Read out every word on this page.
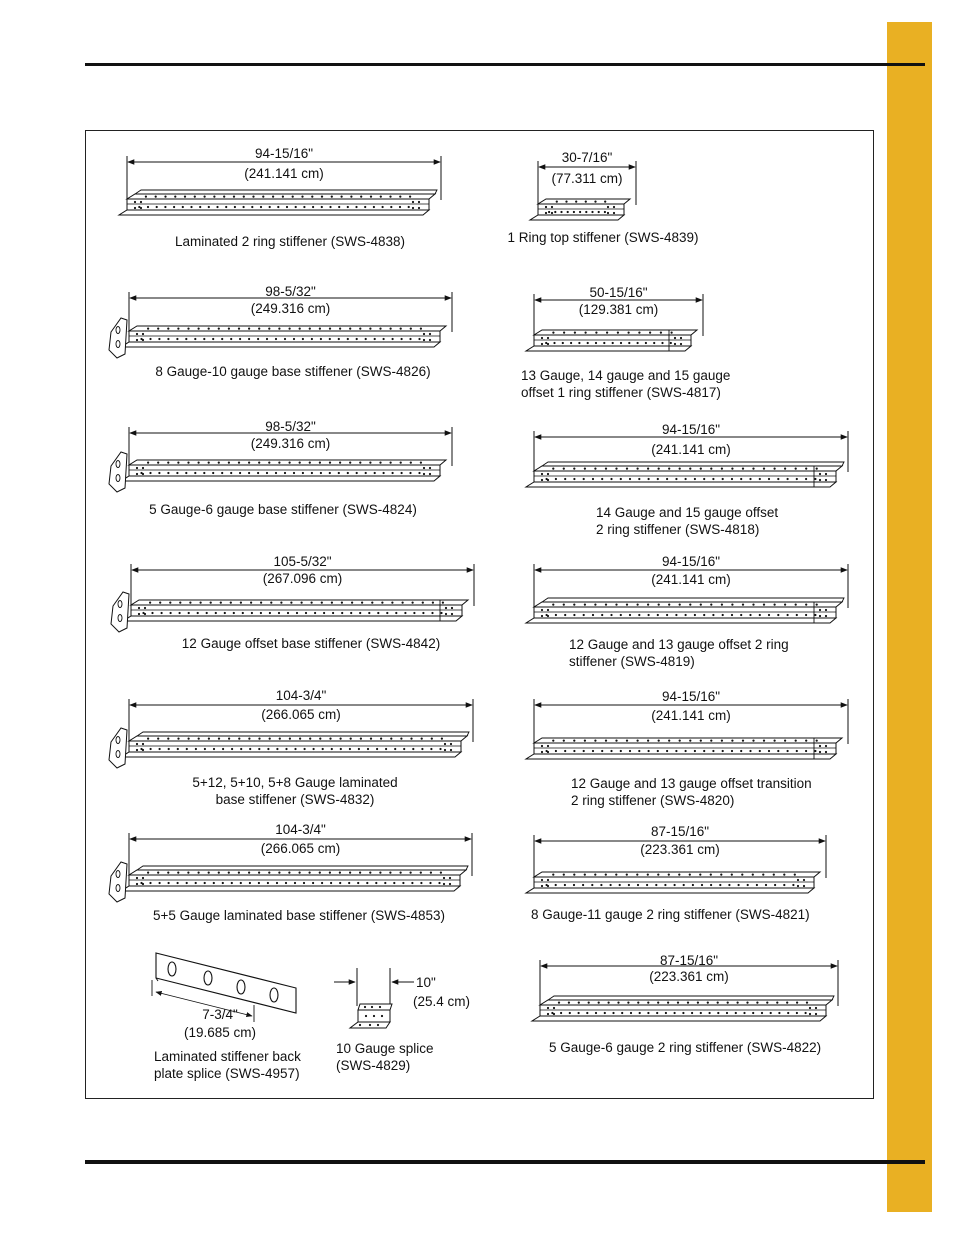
94-15/16"
(241.141 cm)
Laminated 2 ring stiffener (SWS-4838)
30-7/16"
(77.311 cm)
1 Ring top stiffener (SWS-4839)
98-5/32"
(249.316 cm)
8 Gauge-10 gauge base stiffener (SWS-4826)
50-15/16"
(129.381 cm)
13 Gauge, 14 gauge and 15 gauge
offset 1 ring stiffener (SWS-4817)
98-5/32"
(249.316 cm)
5 Gauge-6 gauge base stiffener (SWS-4824)
94-15/16"
(241.141 cm)
14 Gauge and 15 gauge offset
2 ring stiffener (SWS-4818)
105-5/32"
(267.096 cm)
12 Gauge offset base stiffener (SWS-4842)
94-15/16"
(241.141 cm)
12 Gauge and 13 gauge offset 2 ring
stiffener (SWS-4819)
104-3/4"
(266.065 cm)
5+12, 5+10, 5+8 Gauge laminated
base stiffener (SWS-4832)
94-15/16"
(241.141 cm)
12 Gauge and 13 gauge offset transition
2 ring stiffener (SWS-4820)
104-3/4"
(266.065 cm)
5+5 Gauge laminated base stiffener (SWS-4853)
87-15/16"
(223.361 cm)
8 Gauge-11 gauge 2 ring stiffener (SWS-4821)
87-15/16"
(223.361 cm)
5 Gauge-6 gauge 2 ring stiffener (SWS-4822)
7-3/4"
(19.685 cm)
Laminated stiffener back
plate splice (SWS-4957)
10"
(25.4 cm)
10 Gauge splice
(SWS-4829)
